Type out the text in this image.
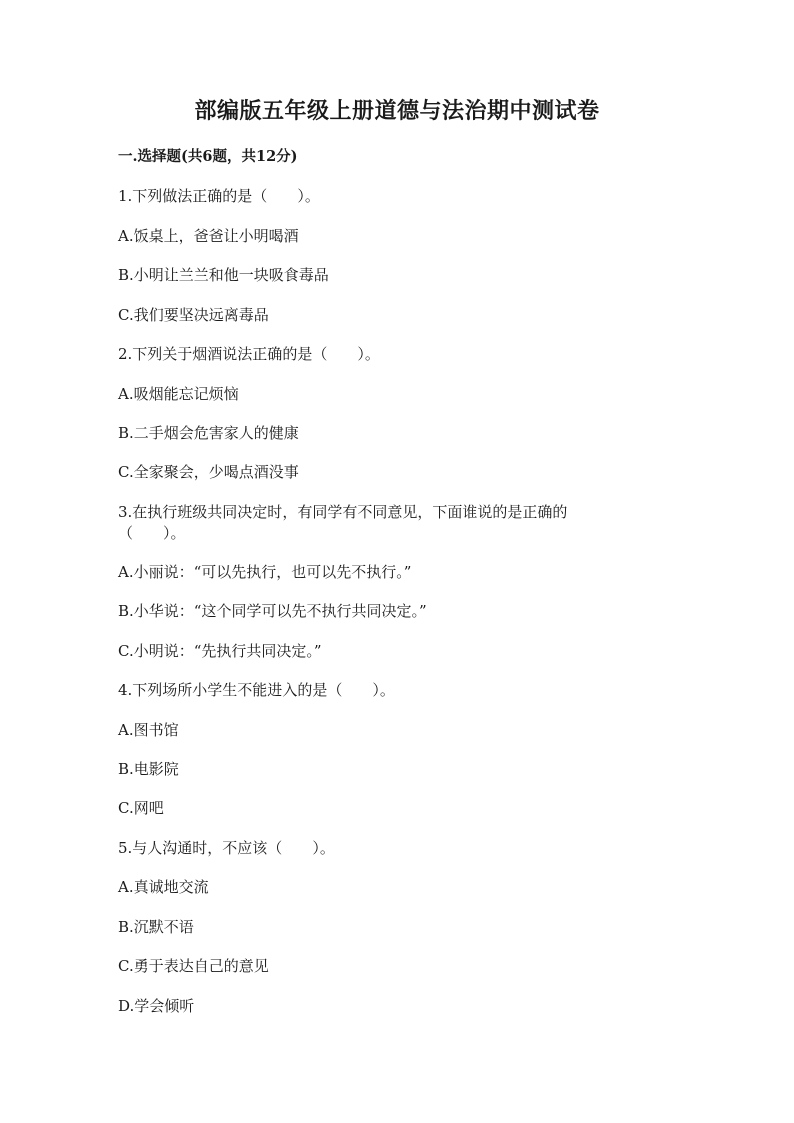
部编版五年级上册道德与法治期中测试卷
一.选择题(共6题，共12分)
1.下列做法正确的是（　　）。
A.饭桌上，爸爸让小明喝酒
B.小明让兰兰和他一块吸食毒品
C.我们要坚决远离毒品
2.下列关于烟酒说法正确的是（　　）。
A.吸烟能忘记烦恼
B.二手烟会危害家人的健康
C.全家聚会，少喝点酒没事
3.在执行班级共同决定时，有同学有不同意见，下面谁说的是正确的
（　　）。
A.小丽说：“可以先执行，也可以先不执行。”
B.小华说：“这个同学可以先不执行共同决定。”
C.小明说：“先执行共同决定。”
4.下列场所小学生不能进入的是（　　）。
A.图书馆
B.电影院
C.网吧
5.与人沟通时，不应该（　　）。
A.真诚地交流
B.沉默不语
C.勇于表达自己的意见
D.学会倾听
